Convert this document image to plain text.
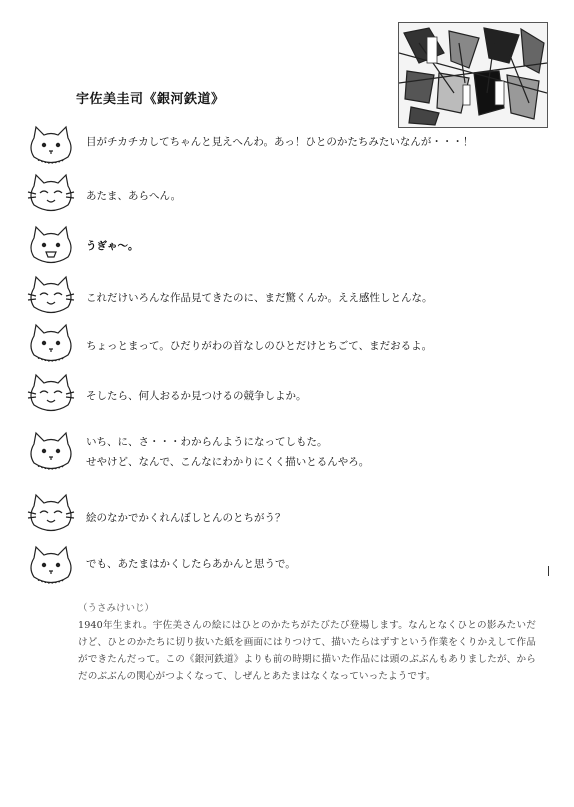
宇佐美圭司《銀河鉄道》
目がチカチカしてちゃんと見えへんわ。あっ！ひとのかたちみたいなんが・・・！
あたま、あらへん。
うぎゃ〜。
これだけいろんな作品見てきたのに、まだ驚くんか。ええ感性しとんな。
ちょっとまって。ひだりがわの首なしのひとだけとちごて、まだおるよ。
そしたら、何人おるか見つけるの競争しよか。
いち、に、さ・・・わからんようになってしもた。
せやけど、なんで、こんなにわかりにくく描いとるんやろ。
絵のなかでかくれんぼしとんのとちがう？
でも、あたまはかくしたらあかんと思うで。
（うさみけいじ）
1940年生まれ。宇佐美さんの絵にはひとのかたちがたびたび登場します。なんとなくひとの影みたいだけど、ひとのかたちに切り抜いた紙を画面にはりつけて、描いたらはずすという作業をくりかえして作品ができたんだって。この《銀河鉄道》よりも前の時期に描いた作品には頭のぶぶんもありましたが、からだのぶぶんの関心がつよくなって、しぜんとあたまはなくなっていったようです。
